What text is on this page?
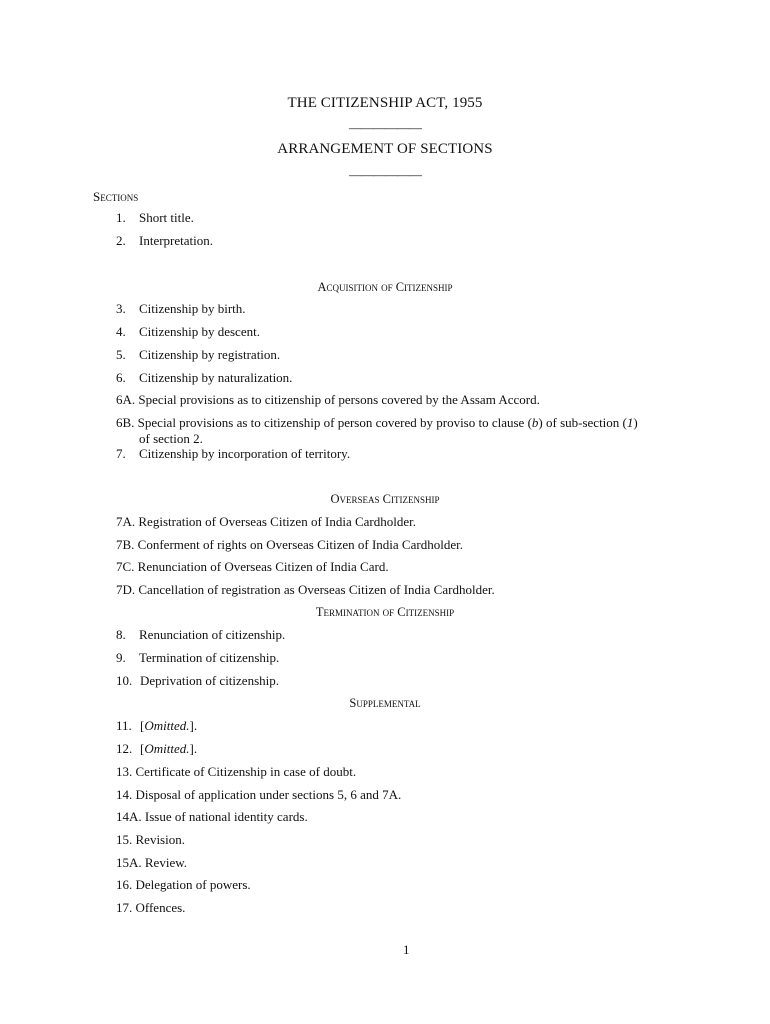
THE CITIZENSHIP ACT, 1955
——————
ARRANGEMENT OF SECTIONS
——————
Sections
1. Short title.
2. Interpretation.
Acquisition of Citizenship
3. Citizenship by birth.
4. Citizenship by descent.
5. Citizenship by registration.
6. Citizenship by naturalization.
6A. Special provisions as to citizenship of persons covered by the Assam Accord.
6B. Special provisions as to citizenship of person covered by proviso to clause (b) of sub-section (1)
of section 2.
7. Citizenship by incorporation of territory.
Overseas Citizenship
7A. Registration of Overseas Citizen of India Cardholder.
7B. Conferment of rights on Overseas Citizen of India Cardholder.
7C. Renunciation of Overseas Citizen of India Card.
7D. Cancellation of registration as Overseas Citizen of India Cardholder.
Termination of Citizenship
8. Renunciation of citizenship.
9. Termination of citizenship.
10. Deprivation of citizenship.
Supplemental
11. [Omitted.].
12. [Omitted.].
13. Certificate of Citizenship in case of doubt.
14. Disposal of application under sections 5, 6 and 7A.
14A. Issue of national identity cards.
15. Revision.
15A. Review.
16. Delegation of powers.
17. Offences.
1
